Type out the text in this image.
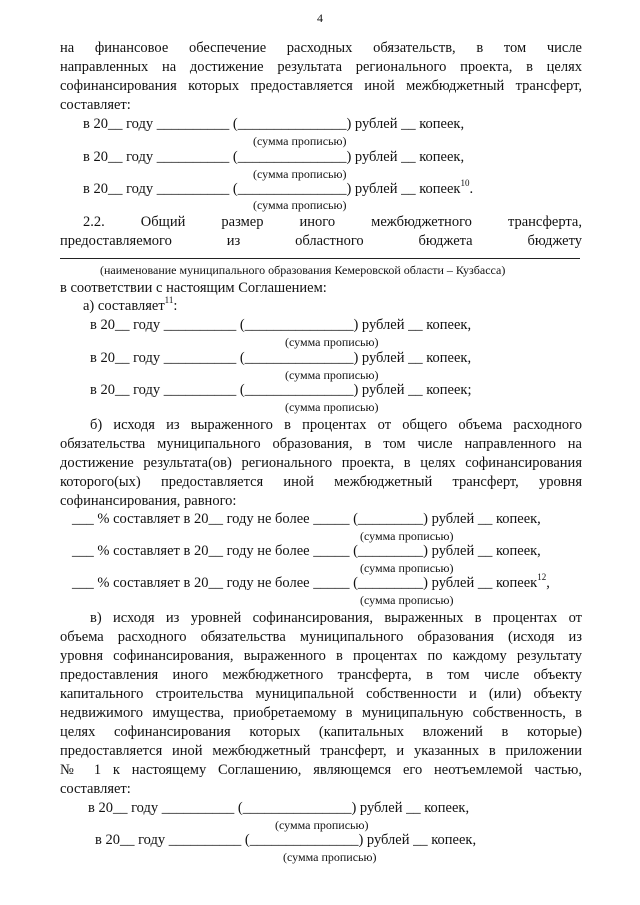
4
на финансовое обеспечение расходных обязательств, в том числе
направленных на достижение результата регионального проекта, в целях
софинансирования которых предоставляется иной межбюджетный трансферт,
составляет:
в 20__ году __________ (_______________) рублей __ копеек,
(сумма прописью)
в 20__ году __________ (_______________) рублей __ копеек,
(сумма прописью)
в 20__ году __________ (_______________) рублей __ копеек$^{10}$.
(сумма прописью)
2.2. Общий размер иного межбюджетного трансферта,
предоставляемого из областного бюджета бюджету
(наименование муниципального образования Кемеровской области – Кузбасса)
в соответствии с настоящим Соглашением:
а) составляет$^{11}$:
в 20__ году __________ (_______________) рублей __ копеек,
(сумма прописью)
в 20__ году __________ (_______________) рублей __ копеек,
(сумма прописью)
в 20__ году __________ (_______________) рублей __ копеек;
(сумма прописью)
б) исходя из выраженного в процентах от общего объема расходного
обязательства муниципального образования, в том числе направленного на
достижение результата(ов) регионального проекта, в целях софинансирования
которого(ых) предоставляется иной межбюджетный трансферт, уровня
софинансирования, равного:
___ % составляет в 20__ году не более _____ (_________) рублей __ копеек,
(сумма прописью)
___ % составляет в 20__ году не более _____ (_________) рублей __ копеек,
(сумма прописью)
___ % составляет в 20__ году не более _____ (_________) рублей __ копеек$^{12}$,
(сумма прописью)
в) исходя из уровней софинансирования, выраженных в процентах от
объема расходного обязательства муниципального образования (исходя из
уровня софинансирования, выраженного в процентах по каждому результату
предоставления иного межбюджетного трансферта, в том числе объекту
капитального строительства муниципальной собственности и (или) объекту
недвижимого имущества, приобретаемому в муниципальную собственность, в
целях софинансирования которых (капитальных вложений в которые)
предоставляется иной межбюджетный трансферт, и указанных в приложении
№ 1 к настоящему Соглашению, являющемся его неотъемлемой частью,
составляет:
в 20__ году __________ (_______________) рублей __ копеек,
(сумма прописью)
в 20__ году __________ (_______________) рублей __ копеек,
(сумма прописью)
